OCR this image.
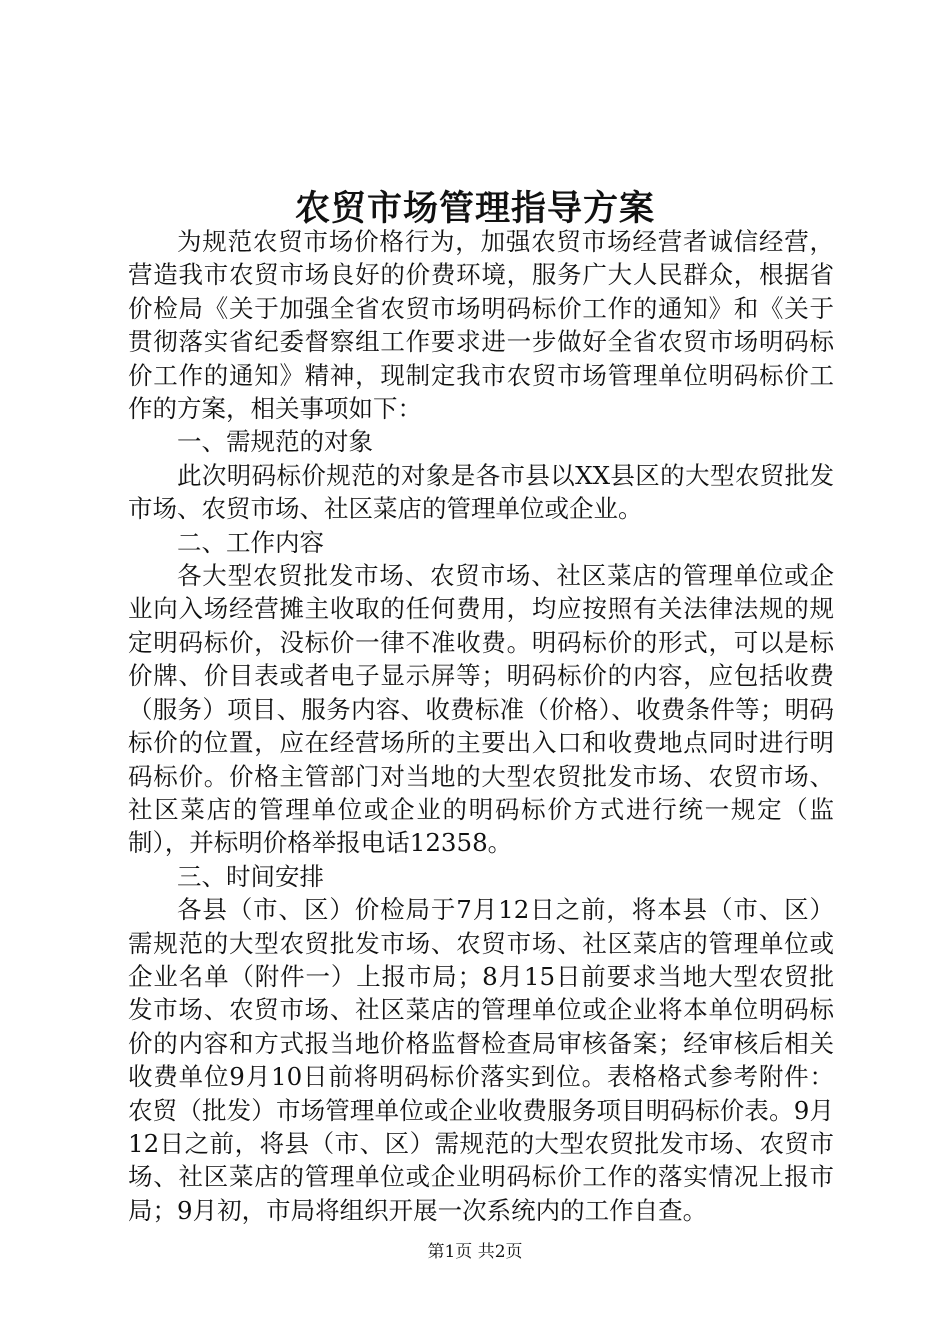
农贸市场管理指导方案

为规范农贸市场价格行为，加强农贸市场经营者诚信经营，营造我市农贸市场良好的价费环境，服务广大人民群众，根据省价检局《关于加强全省农贸市场明码标价工作的通知》和《关于贯彻落实省纪委督察组工作要求进一步做好全省农贸市场明码标价工作的通知》精神，现制定我市农贸市场管理单位明码标价工作的方案，相关事项如下：

一、需规范的对象

此次明码标价规范的对象是各市县以XX县区的大型农贸批发市场、农贸市场、社区菜店的管理单位或企业。

二、工作内容

各大型农贸批发市场、农贸市场、社区菜店的管理单位或企业向入场经营摊主收取的任何费用，均应按照有关法律法规的规定明码标价，没标价一律不准收费。明码标价的形式，可以是标价牌、价目表或者电子显示屏等；明码标价的内容，应包括收费（服务）项目、服务内容、收费标准（价格）、收费条件等；明码标价的位置，应在经营场所的主要出入口和收费地点同时进行明码标价。价格主管部门对当地的大型农贸批发市场、农贸市场、社区菜店的管理单位或企业的明码标价方式进行统一规定（监制），并标明价格举报电话12358。

三、时间安排

各县（市、区）价检局于7月12日之前，将本县（市、区）需规范的大型农贸批发市场、农贸市场、社区菜店的管理单位或企业名单（附件一）上报市局；8月15日前要求当地大型农贸批发市场、农贸市场、社区菜店的管理单位或企业将本单位明码标价的内容和方式报当地价格监督检查局审核备案；经审核后相关收费单位9月10日前将明码标价落实到位。表格格式参考附件：农贸（批发）市场管理单位或企业收费服务项目明码标价表。9月12日之前，将县（市、区）需规范的大型农贸批发市场、农贸市场、社区菜店的管理单位或企业明码标价工作的落实情况上报市局；9月初，市局将组织开展一次系统内的工作自查。

第1页 共2页
